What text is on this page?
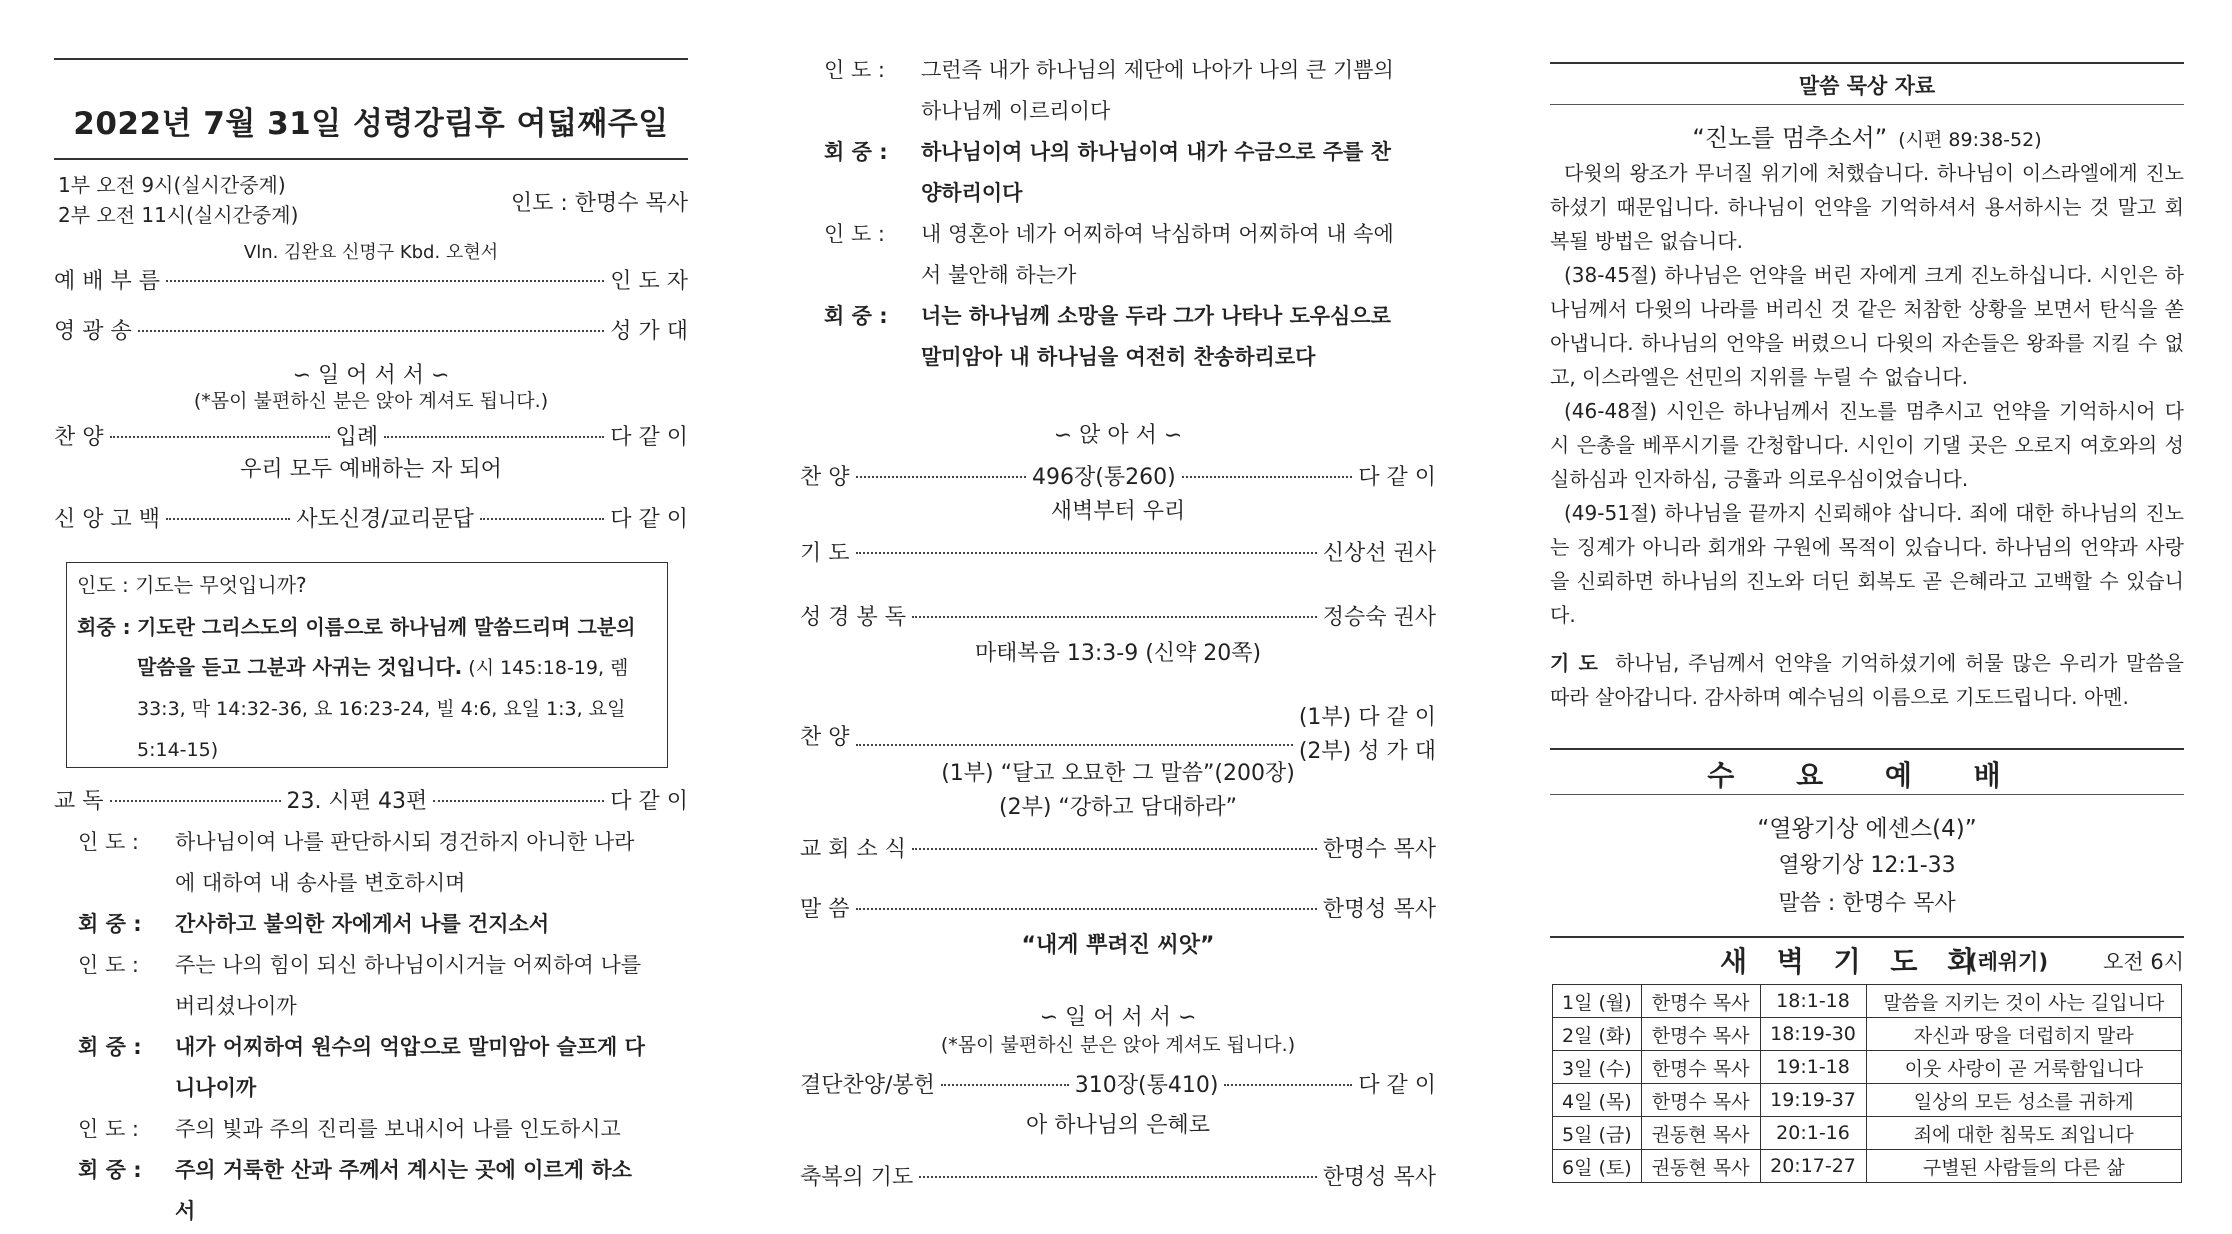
2022년 7월 31일 성령강림후 여덟째주일
1부 오전 9시(실시간중계)
2부 오전 11시(실시간중계)	인도 : 한명수 목사
Vln. 김완요 신명구 Kbd. 오현서
예 배 부 름	인 도 자
영 광 송	성 가 대
∽ 일 어 서 서 ∽
(*몸이 불편하신 분은 앉아 계셔도 됩니다.)
찬 양	입례	다 같 이
우리 모두 예배하는 자 되어
신 앙 고 백	사도신경/교리문답	다 같 이
인도 : 기도는 무엇입니까?
회중 : 기도란 그리스도의 이름으로 하나님께 말씀드리며 그분의 말씀을 듣고 그분과 사귀는 것입니다. (시 145:18-19, 렘 33:3, 막 14:32-36, 요 16:23-24, 빌 4:6, 요일 1:3, 요일 5:14-15)
교 독	23. 시편 43편	다 같 이
인 도 : 하나님이여 나를 판단하시되 경건하지 아니한 나라에 대하여 내 송사를 변호하시며
회 중 : 간사하고 불의한 자에게서 나를 건지소서
인 도 : 주는 나의 힘이 되신 하나님이시거늘 어찌하여 나를 버리셨나이까
회 중 : 내가 어찌하여 원수의 억압으로 말미암아 슬프게 다니나이까
인 도 : 주의 빛과 주의 진리를 보내시어 나를 인도하시고
회 중 : 주의 거룩한 산과 주께서 계시는 곳에 이르게 하소서
인 도 : 그런즉 내가 하나님의 제단에 나아가 나의 큰 기쁨의 하나님께 이르리이다
회 중 : 하나님이여 나의 하나님이여 내가 수금으로 주를 찬양하리이다
인 도 : 내 영혼아 네가 어찌하여 낙심하며 어찌하여 내 속에서 불안해 하는가
회 중 : 너는 하나님께 소망을 두라 그가 나타나 도우심으로 말미암아 내 하나님을 여전히 찬송하리로다
∽ 앉 아 서 ∽
찬 양	496장(통260)	다 같 이
새벽부터 우리
기 도	신상선 권사
성 경 봉 독	정승숙 권사
마태복음 13:3-9 (신약 20쪽)
찬 양
(1부) 다 같 이
(2부) 성 가 대
(1부) “달고 오묘한 그 말씀”(200장)
(2부) “강하고 담대하라”
교 회 소 식	한명수 목사
말 씀	한명성 목사
“내게 뿌려진 씨앗”
∽ 일 어 서 서 ∽
(*몸이 불편하신 분은 앉아 계셔도 됩니다.)
결단찬양/봉헌	310장(통410)	다 같 이
아 하나님의 은혜로
축복의 기도	한명성 목사
말씀 묵상 자료
“진노를 멈추소서” (시편 89:38-52)
다윗의 왕조가 무너질 위기에 처했습니다. 하나님이 이스라엘에게 진노하셨기 때문입니다. 하나님이 언약을 기억하셔서 용서하시는 것 말고 회복될 방법은 없습니다.
(38-45절) 하나님은 언약을 버린 자에게 크게 진노하십니다. 시인은 하나님께서 다윗의 나라를 버리신 것 같은 처참한 상황을 보면서 탄식을 쏟아냅니다. 하나님의 언약을 버렸으니 다윗의 자손들은 왕좌를 지킬 수 없고, 이스라엘은 선민의 지위를 누릴 수 없습니다.
(46-48절) 시인은 하나님께서 진노를 멈추시고 언약을 기억하시어 다시 은총을 베푸시기를 간청합니다. 시인이 기댈 곳은 오로지 여호와의 성실하심과 인자하심, 긍휼과 의로우심이었습니다.
(49-51절) 하나님을 끝까지 신뢰해야 삽니다. 죄에 대한 하나님의 진노는 징계가 아니라 회개와 구원에 목적이 있습니다. 하나님의 언약과 사랑을 신뢰하면 하나님의 진노와 더딘 회복도 곧 은혜라고 고백할 수 있습니다.
기 도 하나님, 주님께서 언약을 기억하셨기에 허물 많은 우리가 말씀을 따라 살아갑니다. 감사하며 예수님의 이름으로 기도드립니다. 아멘.
수 요 예 배
“열왕기상 에센스(4)”
열왕기상 12:1-33
말씀 : 한명수 목사
새 벽 기 도 회
(레위기)	오전 6시
1일 (월)	한명수 목사	18:1-18	말씀을 지키는 것이 사는 길입니다
2일 (화)	한명수 목사	18:19-30	자신과 땅을 더럽히지 말라
3일 (수)	한명수 목사	19:1-18	이웃 사랑이 곧 거룩함입니다
4일 (목)	한명수 목사	19:19-37	일상의 모든 성소를 귀하게
5일 (금)	권동현 목사	20:1-16	죄에 대한 침묵도 죄입니다
6일 (토)	권동현 목사	20:17-27	구별된 사람들의 다른 삶
